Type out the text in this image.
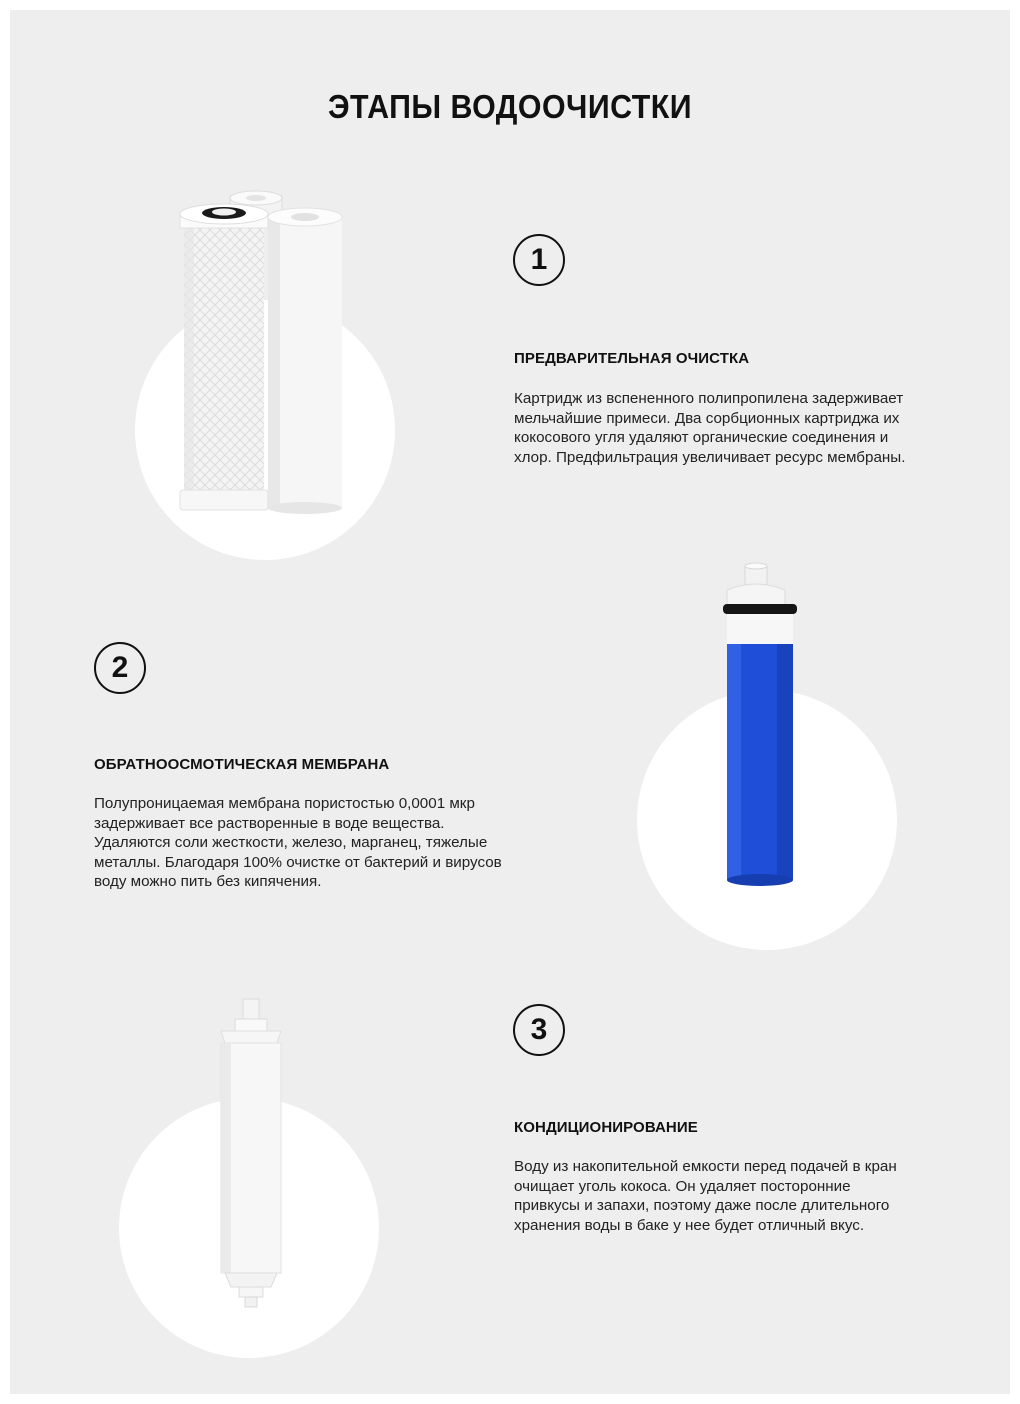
ЭТАПЫ ВОДООЧИСТКИ
1
ПРЕДВАРИТЕЛЬНАЯ ОЧИСТКА

Картридж из вспененного полипропилена задерживает мельчайшие примеси. Два сорбционных картриджа их кокосового угля удаляют органические соединения и хлор. Предфильтрация увеличивает ресурс мембраны.

2
ОБРАТНООСМОТИЧЕСКАЯ МЕМБРАНА

Полупроницаемая мембрана пористостью 0,0001 мкр задерживает все растворенные в воде вещества. Удаляются соли жесткости, железо, марганец, тяжелые металлы. Благодаря 100% очистке от бактерий и вирусов воду можно пить без кипячения.

3
КОНДИЦИОНИРОВАНИЕ

Воду из накопительной емкости перед подачей в кран очищает уголь кокоса. Он удаляет посторонние привкусы и запахи, поэтому даже после длительного хранения воды в баке у нее будет отличный вкус.
